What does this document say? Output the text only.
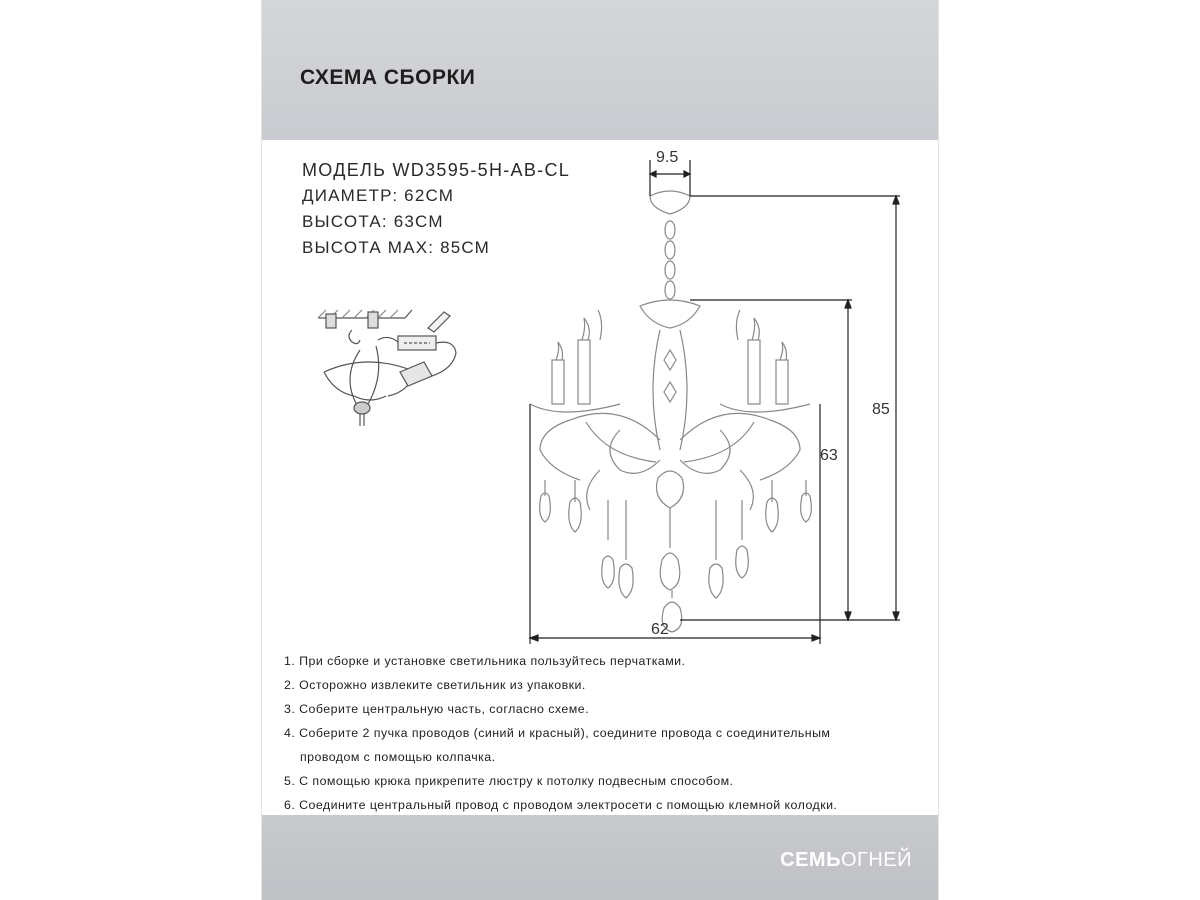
СХЕМА СБОРКИ
МОДЕЛЬ WD3595-5H-AB-CL
ДИАМЕТР: 62СМ
ВЫСОТА: 63СМ
ВЫСОТА МАХ: 85СМ
9.5
85
63
62
1. При сборке и установке светильника пользуйтесь перчатками.
2. Осторожно извлеките светильник из упаковки.
3. Соберите центральную часть, согласно схеме.
4. Соберите 2 пучка проводов (синий и красный), соедините провода с соединительным
проводом с помощью колпачка.
5. С помощью крюка прикрепите люстру к потолку подвесным способом.
6. Соедините центральный провод с проводом электросети с помощью клемной колодки.
СЕМЬОГНЕЙ
